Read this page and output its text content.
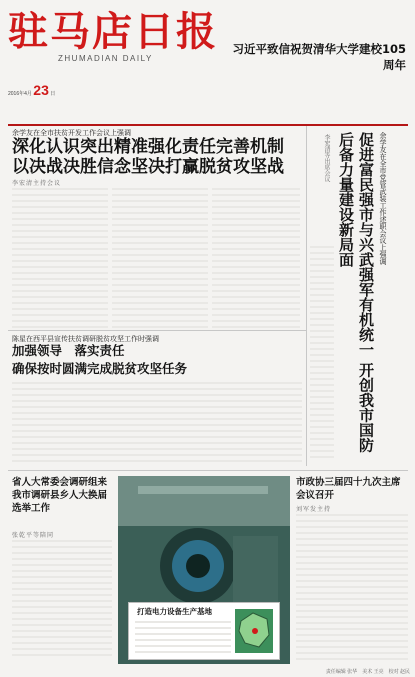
驻马店日报
ZHUMADIAN DAILY
2016年4月 23 日
习近平致信祝贺清华大学建校105周年
余学友在全市扶贫开发工作会议上强调
深化认识突出精准强化责任完善机制
以决战决胜信念坚决打赢脱贫攻坚战
李宏清主持会议	余学友在全市党管武装工作述职会议上强调
促进富民强市与兴武强军有机统一 开创我市国防后备力量建设新局面
李宏清等出席会议
陈星在西平县宣传扶贫调研脱贫攻坚工作时强调
加强领导　落实责任
确保按时圆满完成脱贫攻坚任务
省人大常委会调研组来我市调研县乡人大换届选举工作
张乾平等陪同
打造电力设备生产基地
市政协三届四十九次主席会议召开
刘军发主持
责任编辑 张华　美术 王亮　校对 赵民
